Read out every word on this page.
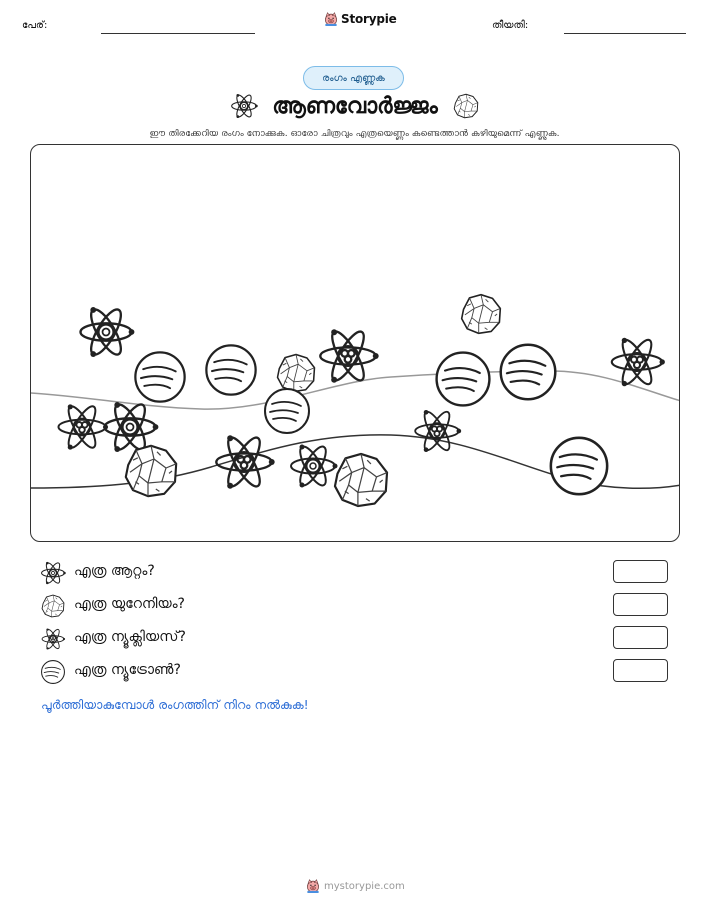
പേര്:	Storypie	തീയതി:
രംഗം എണ്ണുക
ആണവോർജ്ജം
ഈ തിരക്കേറിയ രംഗം നോക്കുക. ഓരോ ചിത്രവും എത്രയെണ്ണം കണ്ടെത്താൻ കഴിയുമെന്ന് എണ്ണുക.
എത്ര ആറ്റം?
എത്ര യുറേനിയം?
എത്ര ന്യൂക്ലിയസ്?
എത്ര ന്യൂട്രോൺ?
പൂർത്തിയാകുമ്പോൾ രംഗത്തിന് നിറം നൽകുക!
mystorypie.com
